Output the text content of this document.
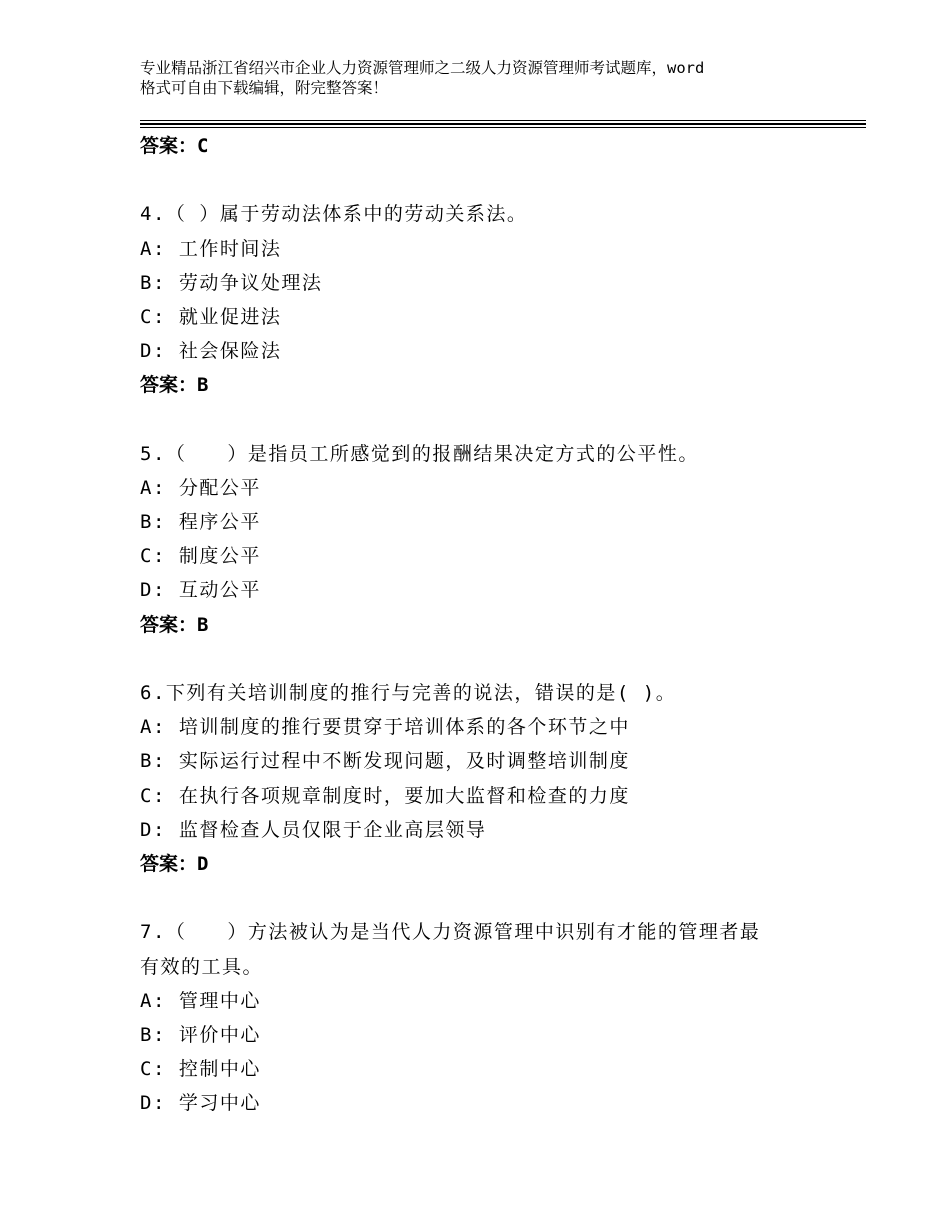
专业精品浙江省绍兴市企业人力资源管理师之二级人力资源管理师考试题库，word
格式可自由下载编辑，附完整答案！
答案：C
4.（ ）属于劳动法体系中的劳动关系法。
A: 工作时间法
B: 劳动争议处理法
C: 就业促进法
D: 社会保险法
答案：B
5.（　　）是指员工所感觉到的报酬结果决定方式的公平性。
A: 分配公平
B: 程序公平
C: 制度公平
D: 互动公平
答案：B
6.下列有关培训制度的推行与完善的说法，错误的是( )。
A: 培训制度的推行要贯穿于培训体系的各个环节之中
B: 实际运行过程中不断发现问题，及时调整培训制度
C: 在执行各项规章制度时，要加大监督和检查的力度
D: 监督检查人员仅限于企业高层领导
答案：D
7.（　　）方法被认为是当代人力资源管理中识别有才能的管理者最
有效的工具。
A: 管理中心
B: 评价中心
C: 控制中心
D: 学习中心
